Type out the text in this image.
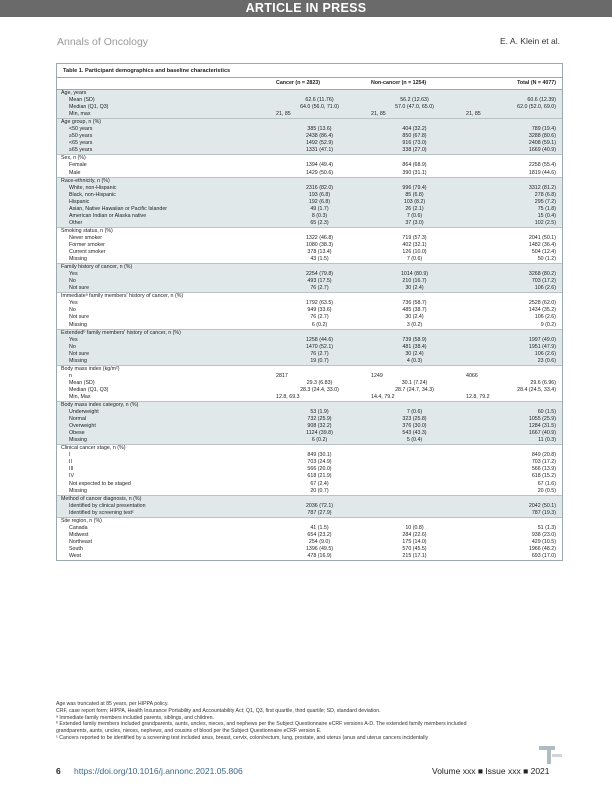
ARTICLE IN PRESS
Annals of Oncology	E. A. Klein et al.
Table 1. Participant demographics and baseline characteristics
	Cancer (n = 2823)	Non-cancer (n = 1254)	Total (N = 4077)
Age, years			
Mean (SD)	62.6 (11.76)	56.2 (12.63)	60.6 (12.39)
Median (Q1, Q3)	64.0 (56.0, 71.0)	57.0 (47.0, 65.0)	62.0 (52.0, 69.0)
Min, max	21, 85	21, 85	21, 85
Age group, n (%)			
<50 years	385 (13.6)	404 (32.2)	789 (19.4)
≥50 years	2438 (86.4)	850 (67.8)	3288 (80.6)
<65 years	1492 (52.9)	916 (73.0)	2408 (59.1)
≥65 years	1331 (47.1)	338 (27.0)	1669 (40.9)
Sex, n (%)			
Female	1394 (49.4)	864 (68.9)	2258 (55.4)
Male	1429 (50.6)	390 (31.1)	1819 (44.6)
Race-ethnicity, n (%)			
White, non-Hispanic	2316 (82.0)	996 (79.4)	3312 (81.2)
Black, non-Hispanic	193 (6.8)	85 (6.8)	278 (6.8)
Hispanic	192 (6.8)	103 (8.2)	295 (7.2)
Asian, Native Hawaiian or Pacific Islander	49 (1.7)	26 (2.1)	75 (1.8)
American Indian or Alaska native	8 (0.3)	7 (0.6)	15 (0.4)
Other	65 (2.3)	37 (3.0)	102 (2.5)
Smoking status, n (%)			
Never smoker	1322 (46.8)	719 (57.3)	2041 (50.1)
Former smoker	1080 (38.3)	402 (32.1)	1482 (36.4)
Current smoker	378 (13.4)	126 (10.0)	504 (12.4)
Missing	43 (1.5)	7 (0.6)	50 (1.2)
Family history of cancer, n (%)			
Yes	2254 (79.8)	1014 (80.9)	3268 (80.2)
No	493 (17.5)	210 (16.7)	703 (17.2)
Not sure	76 (2.7)	30 (2.4)	106 (2.6)
Immediateᵃ family members' history of cancer, n (%)			
Yes	1792 (63.5)	736 (58.7)	2528 (62.0)
No	949 (33.6)	485 (38.7)	1434 (35.2)
Not sure	76 (2.7)	30 (2.4)	106 (2.6)
Missing	6 (0.2)	3 (0.2)	9 (0.2)
Extendedᵇ family members' history of cancer, n (%)			
Yes	1258 (44.6)	739 (58.9)	1997 (49.0)
No	1470 (52.1)	481 (38.4)	1951 (47.9)
Not sure	76 (2.7)	30 (2.4)	106 (2.6)
Missing	19 (0.7)	4 (0.3)	23 (0.6)
Body mass index (kg/m²)			
n	2817	1249	4066
Mean (SD)	29.3 (6.83)	30.1 (7.24)	29.6 (6.96)
Median (Q1, Q3)	28.3 (24.4, 33.0)	28.7 (24.7, 34.3)	28.4 (24.5, 33.4)
Min, Max	12.8, 69.3	14.4, 79.2	12.8, 79.2
Body mass index category, n (%)			
Underweight	53 (1.9)	7 (0.6)	60 (1.5)
Normal	732 (25.9)	323 (25.8)	1055 (25.9)
Overweight	908 (32.2)	376 (30.0)	1284 (31.5)
Obese	1124 (39.8)	543 (43.3)	1667 (40.9)
Missing	6 (0.2)	5 (0.4)	11 (0.3)
Clinical cancer stage, n (%)			
I	849 (30.1)		849 (20.8)
II	703 (24.9)		703 (17.2)
III	566 (20.0)		566 (13.9)
IV	618 (21.9)		618 (15.2)
Not expected to be staged	67 (2.4)		67 (1.6)
Missing	20 (0.7)		20 (0.5)
Method of cancer diagnosis, n (%)			
Identified by clinical presentation	2036 (72.1)		2042 (50.1)
Identified by screening testᶜ	787 (27.9)		787 (19.3)
Site region, n (%)			
Canada	41 (1.5)	10 (0.8)	51 (1.3)
Midwest	654 (23.2)	284 (22.6)	938 (23.0)
Northeast	254 (9.0)	175 (14.0)	429 (10.5)
South	1396 (49.5)	570 (45.5)	1966 (48.2)
West	478 (16.9)	215 (17.1)	693 (17.0)

Age was truncated at 85 years, per HIPPA policy.

CRF, case report form; HIPPA, Health Insurance Portability and Accountability Act; Q1, Q3, first quartile, third quartile; SD, standard deviation.

ᵃ Immediate family members included parents, siblings, and children.

ᵇ Extended family members included grandparents, aunts, uncles, nieces, and nephews per the Subject Questionnaire eCRF versions A-D. The extended family members included

grandparents, aunts, uncles, nieces, nephews, and cousins of blood per the Subject Questionnaire eCRF version E.

ᶜ Cancers reported to be identified by a screening test included anus, breast, cervix, colon/rectum, lung, prostate, and uterus (anus and uterus cancers incidentally

6 https://doi.org/10.1016/j.annonc.2021.05.806	Volume xxx ■ Issue xxx ■ 2021
